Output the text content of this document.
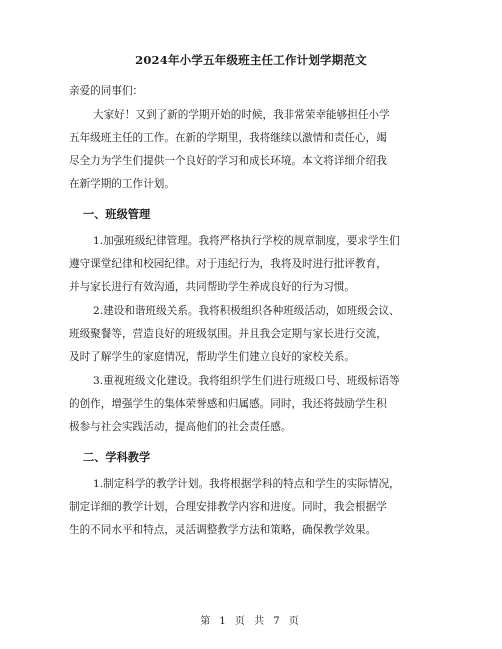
2024年小学五年级班主任工作计划学期范文
亲爱的同事们：
大家好！又到了新的学期开始的时候，我非常荣幸能够担任小学
五年级班主任的工作。在新的学期里，我将继续以激情和责任心，竭
尽全力为学生们提供一个良好的学习和成长环境。本文将详细介绍我
在新学期的工作计划。
一、班级管理
1.加强班级纪律管理。我将严格执行学校的规章制度，要求学生们
遵守课堂纪律和校园纪律。对于违纪行为，我将及时进行批评教育，
并与家长进行有效沟通，共同帮助学生养成良好的行为习惯。
2.建设和谐班级关系。我将积极组织各种班级活动，如班级会议、
班级聚餐等，营造良好的班级氛围。并且我会定期与家长进行交流，
及时了解学生的家庭情况，帮助学生们建立良好的家校关系。
3.重视班级文化建设。我将组织学生们进行班级口号、班级标语等
的创作，增强学生的集体荣誉感和归属感。同时，我还将鼓励学生积
极参与社会实践活动，提高他们的社会责任感。
二、学科教学
1.制定科学的教学计划。我将根据学科的特点和学生的实际情况，
制定详细的教学计划，合理安排教学内容和进度。同时，我会根据学
生的不同水平和特点，灵活调整教学方法和策略，确保教学效果。
第 1 页 共 7 页
